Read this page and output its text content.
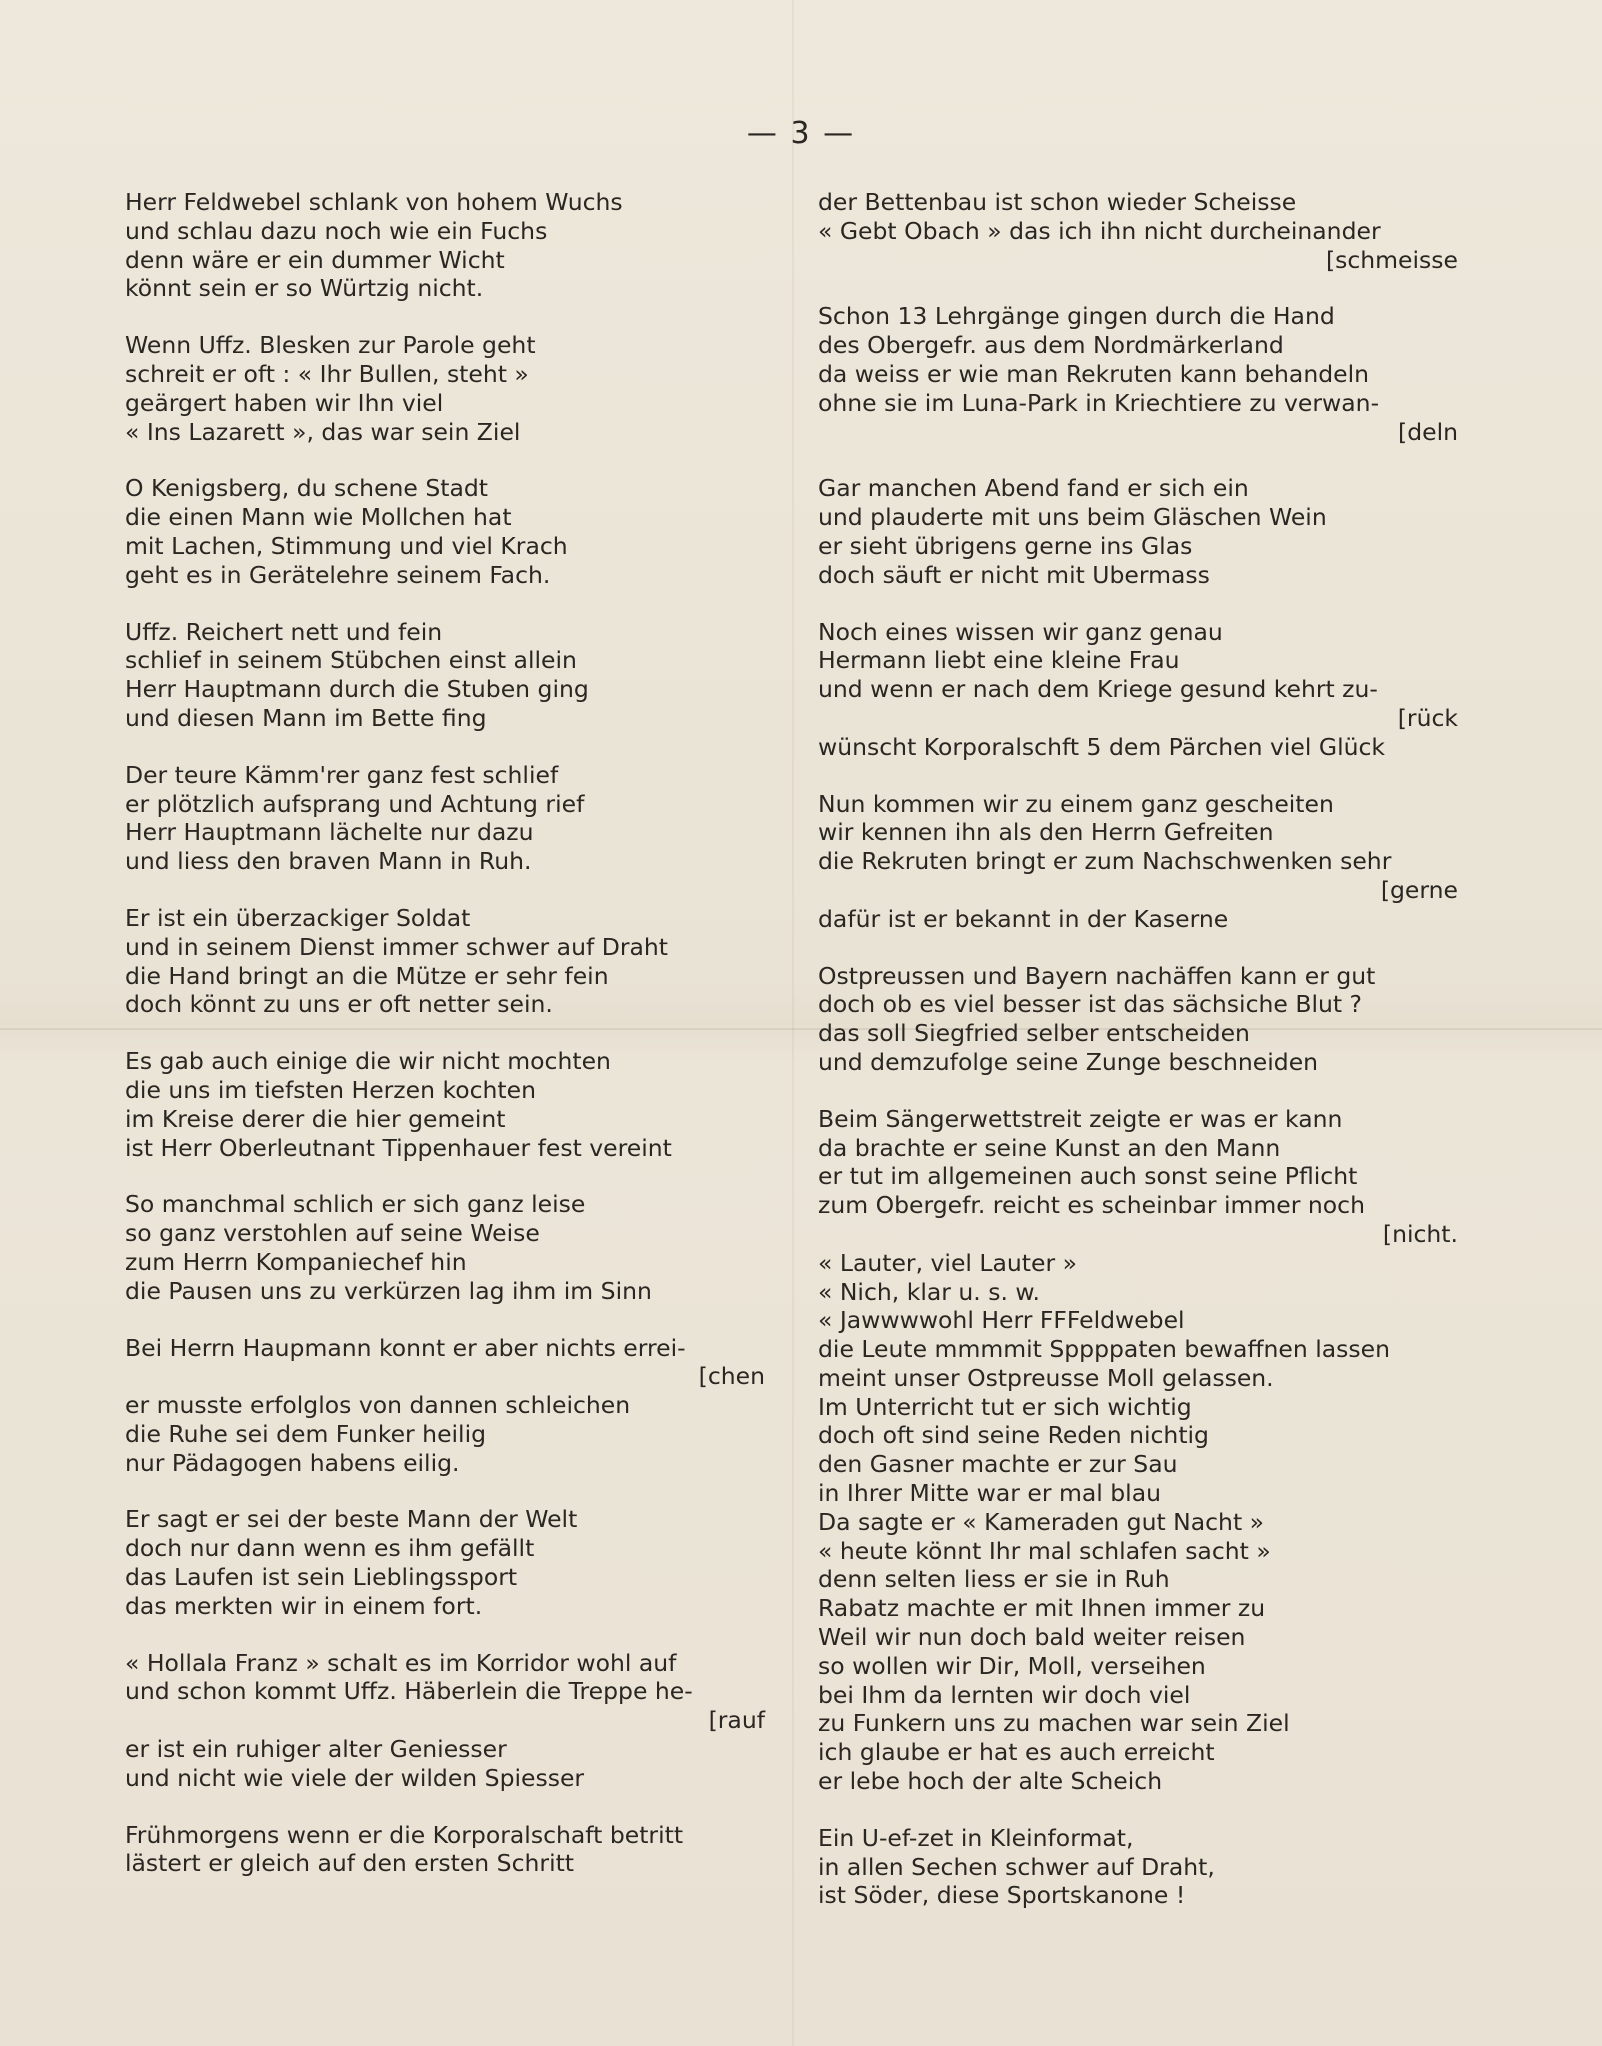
— 3 —
Herr Feldwebel schlank von hohem Wuchs
und schlau dazu noch wie ein Fuchs
denn wäre er ein dummer Wicht
könnt sein er so Würtzig nicht.
Wenn Uffz. Blesken zur Parole geht
schreit er oft : « Ihr Bullen, steht »
geärgert haben wir Ihn viel
« Ins Lazarett », das war sein Ziel
O Kenigsberg, du schene Stadt
die einen Mann wie Mollchen hat
mit Lachen, Stimmung und viel Krach
geht es in Gerätelehre seinem Fach.
Uffz. Reichert nett und fein
schlief in seinem Stübchen einst allein
Herr Hauptmann durch die Stuben ging
und diesen Mann im Bette fing
Der teure Kämm'rer ganz fest schlief
er plötzlich aufsprang und Achtung rief
Herr Hauptmann lächelte nur dazu
und liess den braven Mann in Ruh.
Er ist ein überzackiger Soldat
und in seinem Dienst immer schwer auf Draht
die Hand bringt an die Mütze er sehr fein
doch könnt zu uns er oft netter sein.
Es gab auch einige die wir nicht mochten
die uns im tiefsten Herzen kochten
im Kreise derer die hier gemeint
ist Herr Oberleutnant Tippenhauer fest vereint
So manchmal schlich er sich ganz leise
so ganz verstohlen auf seine Weise
zum Herrn Kompaniechef hin
die Pausen uns zu verkürzen lag ihm im Sinn
Bei Herrn Haupmann konnt er aber nichts errei-
[chen
er musste erfolglos von dannen schleichen
die Ruhe sei dem Funker heilig
nur Pädagogen habens eilig.
Er sagt er sei der beste Mann der Welt
doch nur dann wenn es ihm gefällt
das Laufen ist sein Lieblingssport
das merkten wir in einem fort.
« Hollala Franz » schalt es im Korridor wohl auf
und schon kommt Uffz. Häberlein die Treppe he-
[rauf
er ist ein ruhiger alter Geniesser
und nicht wie viele der wilden Spiesser
Frühmorgens wenn er die Korporalschaft betritt
lästert er gleich auf den ersten Schritt
der Bettenbau ist schon wieder Scheisse
« Gebt Obach » das ich ihn nicht durcheinander
[schmeisse
Schon 13 Lehrgänge gingen durch die Hand
des Obergefr. aus dem Nordmärkerland
da weiss er wie man Rekruten kann behandeln
ohne sie im Luna-Park in Kriechtiere zu verwan-
[deln
Gar manchen Abend fand er sich ein
und plauderte mit uns beim Gläschen Wein
er sieht übrigens gerne ins Glas
doch säuft er nicht mit Ubermass
Noch eines wissen wir ganz genau
Hermann liebt eine kleine Frau
und wenn er nach dem Kriege gesund kehrt zu-
[rück
wünscht Korporalschft 5 dem Pärchen viel Glück
Nun kommen wir zu einem ganz gescheiten
wir kennen ihn als den Herrn Gefreiten
die Rekruten bringt er zum Nachschwenken sehr
[gerne
dafür ist er bekannt in der Kaserne
Ostpreussen und Bayern nachäffen kann er gut
doch ob es viel besser ist das sächsiche Blut ?
das soll Siegfried selber entscheiden
und demzufolge seine Zunge beschneiden
Beim Sängerwettstreit zeigte er was er kann
da brachte er seine Kunst an den Mann
er tut im allgemeinen auch sonst seine Pflicht
zum Obergefr. reicht es scheinbar immer noch
[nicht.
« Lauter, viel Lauter »
« Nich, klar u. s. w.
« Jawwwwohl Herr FFFeldwebel
die Leute mmmmit Sppppaten bewaffnen lassen
meint unser Ostpreusse Moll gelassen.
Im Unterricht tut er sich wichtig
doch oft sind seine Reden nichtig
den Gasner machte er zur Sau
in Ihrer Mitte war er mal blau
Da sagte er « Kameraden gut Nacht »
« heute könnt Ihr mal schlafen sacht »
denn selten liess er sie in Ruh
Rabatz machte er mit Ihnen immer zu
Weil wir nun doch bald weiter reisen
so wollen wir Dir, Moll, verseihen
bei Ihm da lernten wir doch viel
zu Funkern uns zu machen war sein Ziel
ich glaube er hat es auch erreicht
er lebe hoch der alte Scheich
Ein U-ef-zet in Kleinformat,
in allen Sechen schwer auf Draht,
ist Söder, diese Sportskanone !
